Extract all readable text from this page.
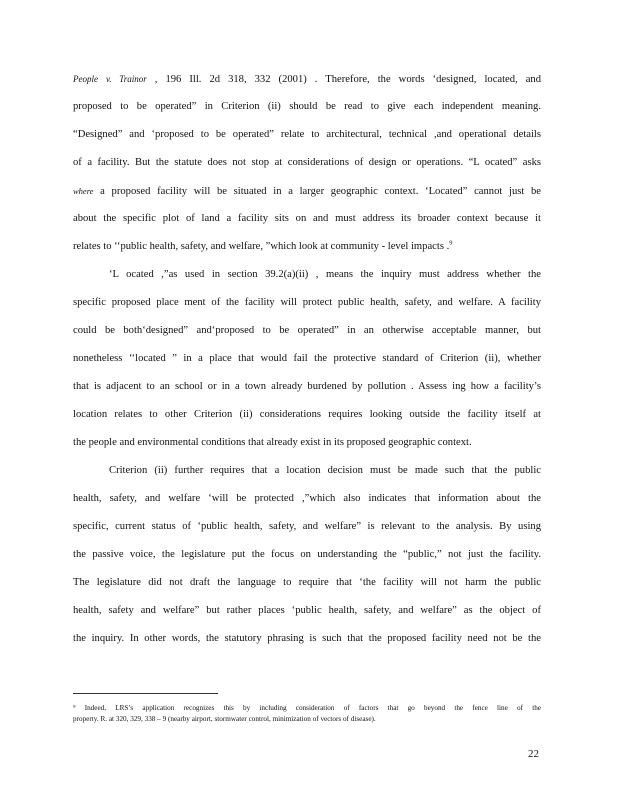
People v. Trainor , 196 Ill. 2d 318, 332 (2001) . Therefore, the words ‘designed, located, and
proposed to be operated” in Criterion (ii) should be read to give each independent meaning.
“Designed” and ‘proposed to be operated” relate to architectural, technical ,and operational details
of a facility. But the statute does not stop at considerations of design or operations. “L ocated” asks
where a proposed facility will be situated in a larger geographic context. ‘Located” cannot just be
about the specific plot of land a facility sits on and must address its broader context because it
relates to ‘‘public health, safety, and welfare, ”which look at community - level impacts .$^9$
‘L ocated ,”as used in section 39.2(a)(ii) , means the inquiry must address whether the
specific proposed place ment of the facility will protect public health, safety, and welfare. A facility
could be both‘designed” and‘proposed to be operated” in an otherwise acceptable manner, but
nonetheless ‘‘located ” in a place that would fail the protective standard of Criterion (ii), whether
that is adjacent to an school or in a town already burdened by pollution . Assess ing how a facility’s
location relates to other Criterion (ii) considerations requires looking outside the facility itself at
the people and environmental conditions that already exist in its proposed geographic context.
Criterion (ii) further requires that a location decision must be made such that the public
health, safety, and welfare ‘will be protected ,”which also indicates that information about the
specific, current status of ‘public health, safety, and welfare” is relevant to the analysis. By using
the passive voice, the legislature put the focus on understanding the “public,” not just the facility.
The legislature did not draft the language to require that ‘the facility will not harm the public
health, safety and welfare” but rather places ‘public health, safety, and welfare” as the object of
the inquiry. In other words, the statutory phrasing is such that the proposed facility need not be the
⁹ Indeed, LRS’s application recognizes this by including consideration of factors that go beyond the fence line of the
property. R. at 320, 329, 338 – 9 (nearby airport, stormwater control, minimization of vectors of disease).
22
